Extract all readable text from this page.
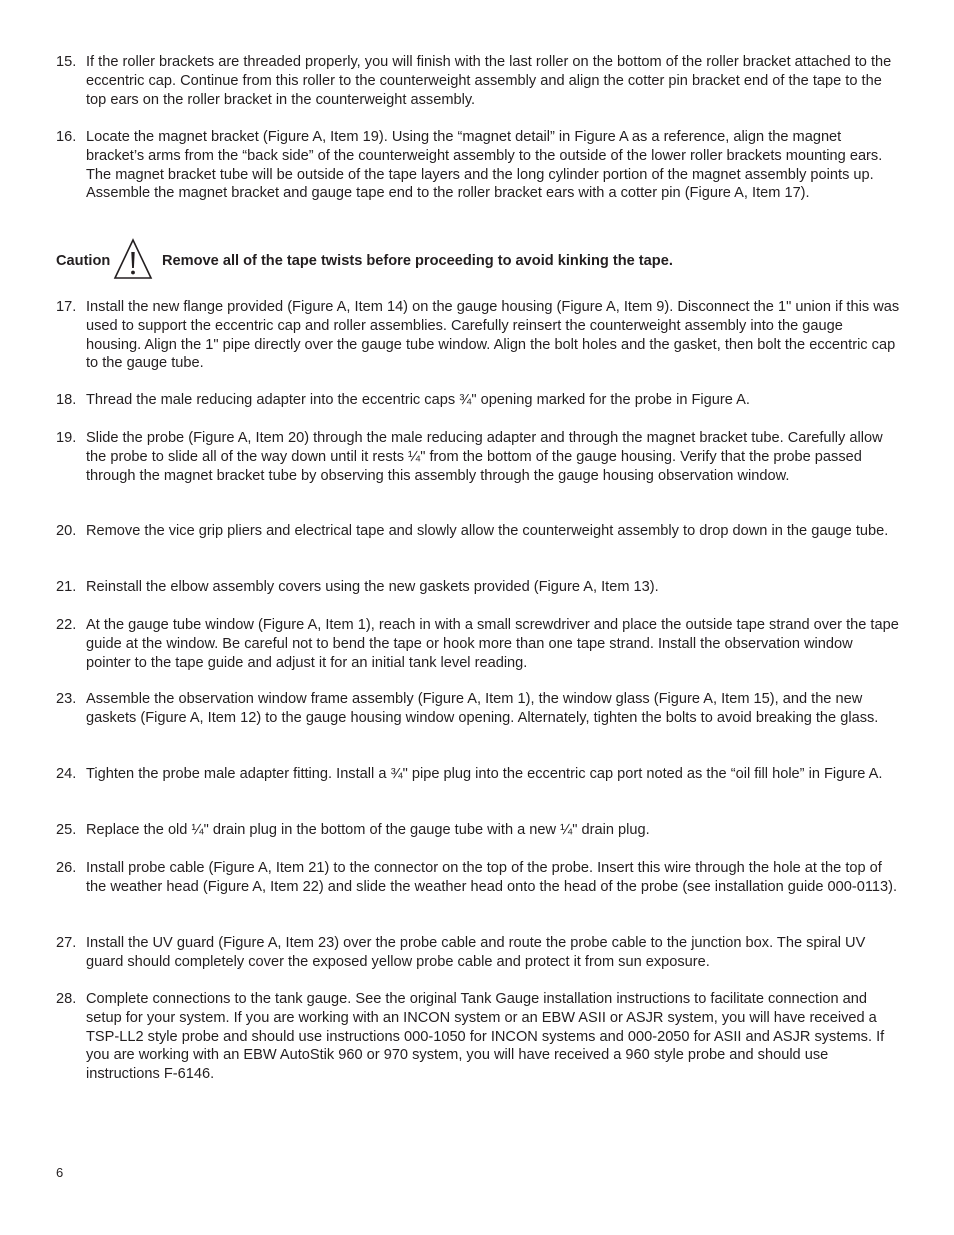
15. If the roller brackets are threaded properly, you will finish with the last roller on the bottom of the roller bracket attached to the eccentric cap. Continue from this roller to the counterweight assembly and align the cotter pin bracket end of the tape to the top ears on the roller bracket in the counterweight assembly.
16. Locate the magnet bracket (Figure A, Item 19). Using the “magnet detail” in Figure A as a reference, align the magnet bracket’s arms from the “back side” of the counterweight assembly to the outside of the lower roller brackets mounting ears. The magnet bracket tube will be outside of the tape layers and the long cylinder portion of the magnet assembly points up. Assemble the magnet bracket and gauge tape end to the roller bracket ears with a cotter pin (Figure A, Item 17).
Caution	Remove all of the tape twists before proceeding to avoid kinking the tape.
17. Install the new flange provided (Figure A, Item 14) on the gauge housing (Figure A, Item 9). Disconnect the 1" union if this was used to support the eccentric cap and roller assemblies. Carefully reinsert the counterweight assembly into the gauge housing. Align the 1" pipe directly over the gauge tube window. Align the bolt holes and the gasket, then bolt the eccentric cap to the gauge tube.
18. Thread the male reducing adapter into the eccentric caps ¾" opening marked for the probe in Figure A.
19. Slide the probe (Figure A, Item 20) through the male reducing adapter and through the magnet bracket tube. Carefully allow the probe to slide all of the way down until it rests ¼" from the bottom of the gauge housing. Verify that the probe passed through the magnet bracket tube by observing this assembly through the gauge housing observation window.
20. Remove the vice grip pliers and electrical tape and slowly allow the counterweight assembly to drop down in the gauge tube.
21. Reinstall the elbow assembly covers using the new gaskets provided (Figure A, Item 13).
22. At the gauge tube window (Figure A, Item 1), reach in with a small screwdriver and place the outside tape strand over the tape guide at the window. Be careful not to bend the tape or hook more than one tape strand. Install the observation window pointer to the tape guide and adjust it for an initial tank level reading.
23. Assemble the observation window frame assembly (Figure A, Item 1), the window glass (Figure A, Item 15), and the new gaskets (Figure A, Item 12) to the gauge housing window opening. Alternately, tighten the bolts to avoid breaking the glass.
24. Tighten the probe male adapter fitting. Install a ¾" pipe plug into the eccentric cap port noted as the “oil fill hole” in Figure A.
25. Replace the old ¼" drain plug in the bottom of the gauge tube with a new ¼" drain plug.
26. Install probe cable (Figure A, Item 21) to the connector on the top of the probe. Insert this wire through the hole at the top of the weather head (Figure A, Item 22) and slide the weather head onto the head of the probe (see installation guide 000-0113).
27. Install the UV guard (Figure A, Item 23) over the probe cable and route the probe cable to the junction box. The spiral UV guard should completely cover the exposed yellow probe cable and protect it from sun exposure.
28. Complete connections to the tank gauge. See the original Tank Gauge installation instructions to facilitate connection and setup for your system. If you are working with an INCON system or an EBW ASII or ASJR system, you will have received a TSP-LL2 style probe and should use instructions 000-1050 for INCON systems and 000-2050 for ASII and ASJR systems. If you are working with an EBW AutoStik 960 or 970 system, you will have received a 960 style probe and should use instructions F-6146.
6
